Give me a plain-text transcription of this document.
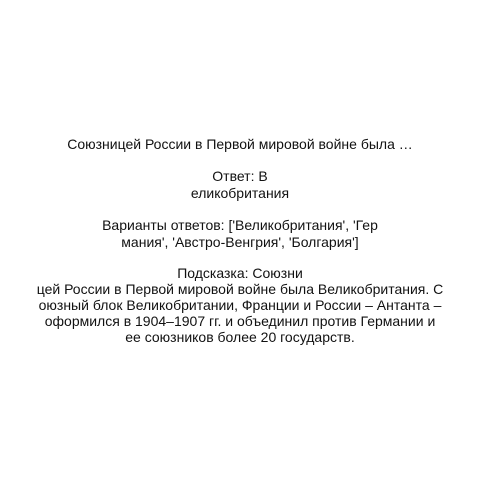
Союзницей России в Первой мировой войне была …
Ответ: В
еликобритания
Варианты ответов: ['Великобритания', 'Гер
мания', 'Австро-Венгрия', 'Болгария']
Подсказка: Союзни
цей России в Первой мировой войне была Великобритания. С
оюзный блок Великобритании, Франции и России – Антанта –
оформился в 1904–1907 гг. и объединил против Германии и
ее союзников более 20 государств.
